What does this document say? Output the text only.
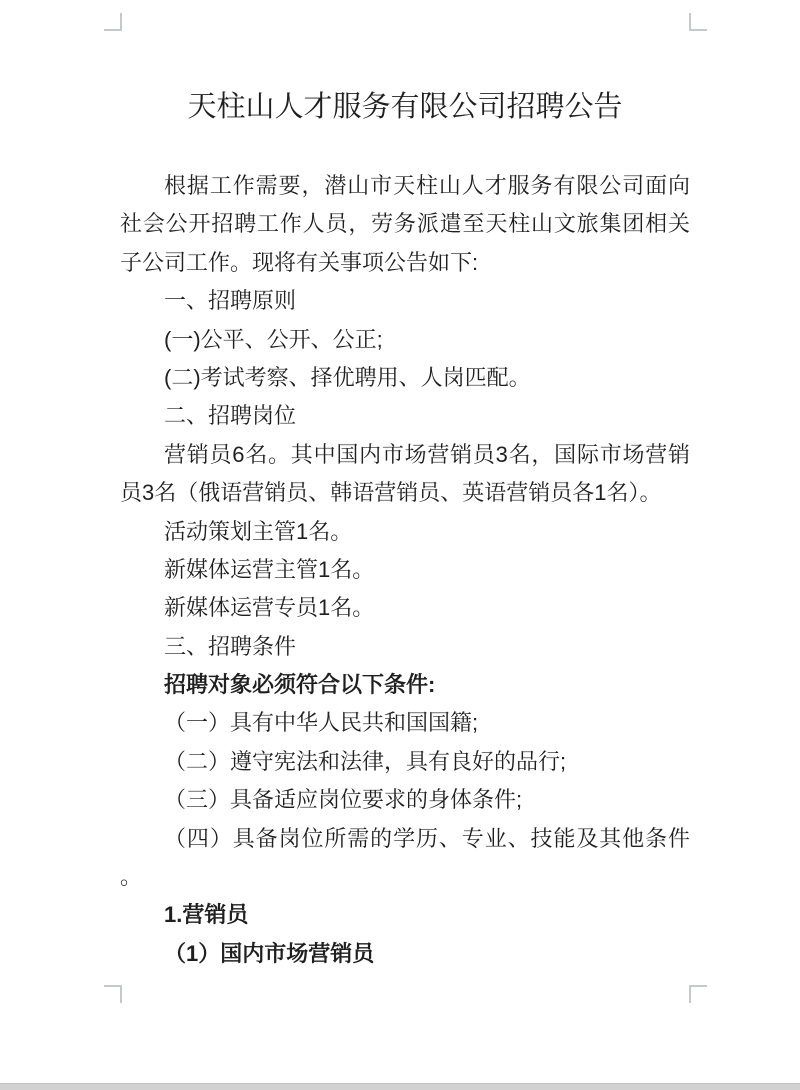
天柱山人才服务有限公司招聘公告
根据工作需要，潜山市天柱山人才服务有限公司面向
社会公开招聘工作人员，劳务派遣至天柱山文旅集团相关
子公司工作。现将有关事项公告如下:
一、招聘原则
(一)公平、公开、公正;
(二)考试考察、择优聘用、人岗匹配。
二、招聘岗位
营销员6名。其中国内市场营销员3名，国际市场营销
员3名（俄语营销员、韩语营销员、英语营销员各1名）。
活动策划主管1名。
新媒体运营主管1名。
新媒体运营专员1名。
三、招聘条件
招聘对象必须符合以下条件:
（一）具有中华人民共和国国籍;
（二）遵守宪法和法律，具有良好的品行;
（三）具备适应岗位要求的身体条件;
（四）具备岗位所需的学历、专业、技能及其他条件
。
1.营销员
（1）国内市场营销员
